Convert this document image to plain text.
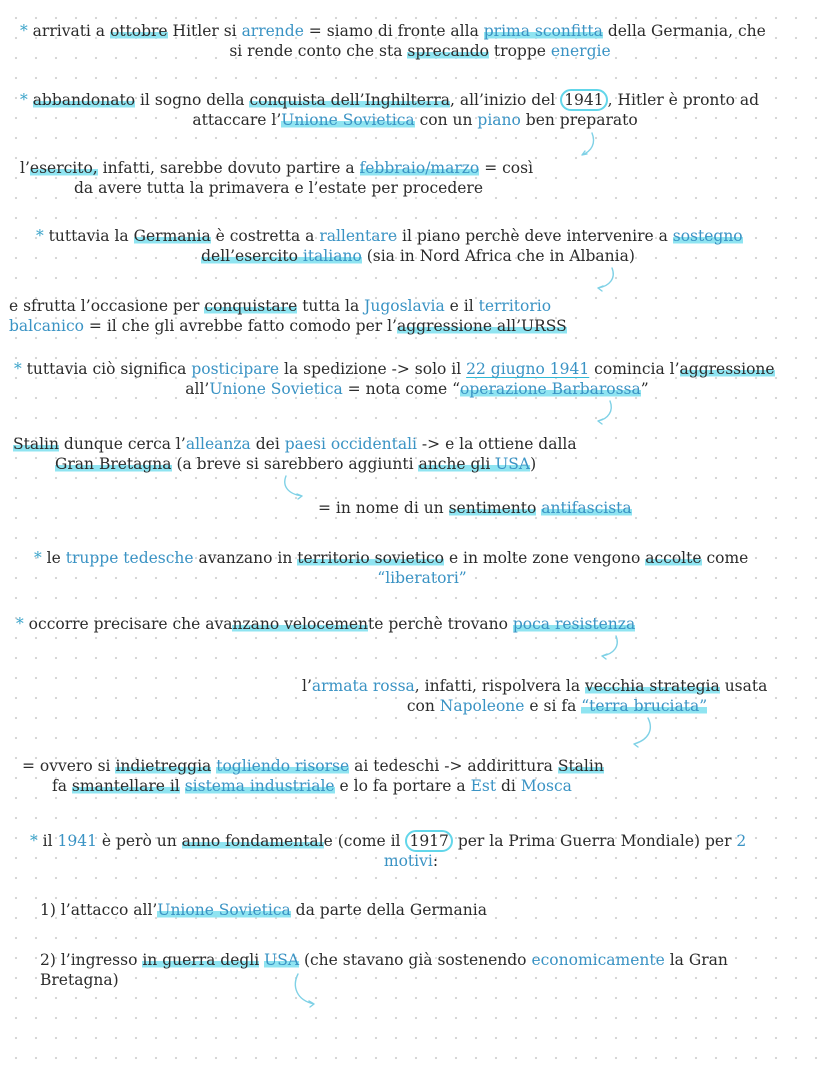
* arrivati a ottobre Hitler si arrende = siamo di fronte alla prima sconfitta della Germania, che
si rende conto che sta sprecando troppe energie
* abbandonato il sogno della conquista dell’Inghilterra, all’inizio del 1941 , Hitler è pronto ad
attaccare l’Unione Sovietica con un piano ben preparato
l’esercito, infatti, sarebbe dovuto partire a febbraio/marzo = così
da avere tutta la primavera e l’estate per procedere
* tuttavia la Germania è costretta a rallentare il piano perchè deve intervenire a sostegno
dell’esercito italiano (sia in Nord Africa che in Albania)
e sfrutta l’occasione per conquistare tutta la Jugoslavia e il territorio
balcanico = il che gli avrebbe fatto comodo per l’aggressione all’URSS
* tuttavia ciò significa posticipare la spedizione -> solo il 22 giugno 1941 comincia l’aggressione
all’Unione Sovietica = nota come “operazione Barbarossa”
Stalin dunque cerca l’alleanza dei paesi occidentali -> e la ottiene dalla
Gran Bretagna (a breve si sarebbero aggiunti anche gli USA)
= in nome di un sentimento antifascista
* le truppe tedesche avanzano in territorio sovietico e in molte zone vengono accolte come
“liberatori”
* occorre precisare che avanzano velocemente perchè trovano poca resistenza
l’armata rossa, infatti, rispolvera la vecchia strategia usata
con Napoleone e si fa “terra bruciata”
= ovvero si indietreggia togliendo risorse ai tedeschi -> addirittura Stalin
fa smantellare il sistema industriale e lo fa portare a Est di Mosca
* il 1941 è però un anno fondamentale (come il 1917 per la Prima Guerra Mondiale) per 2
motivi:
1) l’attacco all’Unione Sovietica da parte della Germania
2) l’ingresso in guerra degli USA (che stavano già sostenendo economicamente la Gran
Bretagna)
